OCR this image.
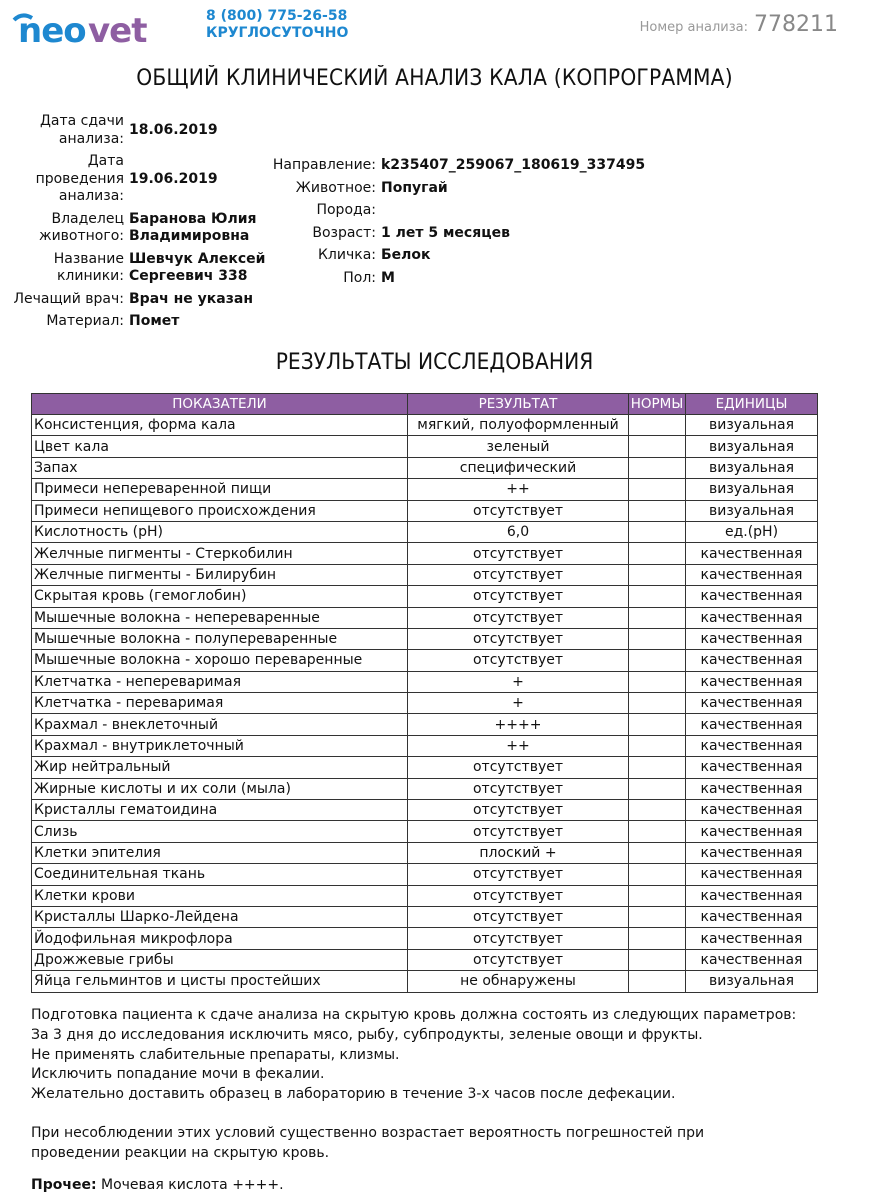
neo vet	8 (800) 775-26-58
КРУГЛОСУТОЧНО	Номер анализа: 778211
ОБЩИЙ КЛИНИЧЕСКИЙ АНАЛИЗ КАЛА (КОПРОГРАММА)
Дата сдачи анализа:
18.06.2019
Дата проведения анализа:
19.06.2019
Владелец животного:
Баранова Юлия Владимировна
Название клиники:
Шевчук Алексей Сергеевич 338
Лечащий врач: Врач не указан
Материал: Помет
Направление: k235407_259067_180619_337495
Животное: Попугай
Порода:
Возраст: 1 лет 5 месяцев
Кличка: Белок
Пол: М
РЕЗУЛЬТАТЫ ИССЛЕДОВАНИЯ
ПОКАЗАТЕЛИ	РЕЗУЛЬТАТ	НОРМЫ	ЕДИНИЦЫ
Консистенция, форма кала	мягкий, полуоформленный		визуальная
Цвет кала	зеленый		визуальная
Запах	специфический		визуальная
Примеси непереваренной пищи	++		визуальная
Примеси непищевого происхождения	отсутствует		визуальная
Кислотность (рН)	6,0		ед.(рН)
Желчные пигменты - Стеркобилин	отсутствует		качественная
Желчные пигменты - Билирубин	отсутствует		качественная
Скрытая кровь (гемоглобин)	отсутствует		качественная
Мышечные волокна - непереваренные	отсутствует		качественная
Мышечные волокна - полупереваренные	отсутствует		качественная
Мышечные волокна - хорошо переваренные	отсутствует		качественная
Клетчатка - непереваримая	+		качественная
Клетчатка - переваримая	+		качественная
Крахмал - внеклеточный	++++		качественная
Крахмал - внутриклеточный	++		качественная
Жир нейтральный	отсутствует		качественная
Жирные кислоты и их соли (мыла)	отсутствует		качественная
Кристаллы гематоидина	отсутствует		качественная
Слизь	отсутствует		качественная
Клетки эпителия	плоский +		качественная
Соединительная ткань	отсутствует		качественная
Клетки крови	отсутствует		качественная
Кристаллы Шарко-Лейдена	отсутствует		качественная
Йодофильная микрофлора	отсутствует		качественная
Дрожжевые грибы	отсутствует		качественная
Яйца гельминтов и цисты простейших	не обнаружены		визуальная

Подготовка пациента к сдаче анализа на скрытую кровь должна состоять из следующих параметров:

За 3 дня до исследования исключить мясо, рыбу, субпродукты, зеленые овощи и фрукты.

Не применять слабительные препараты, клизмы.

Исключить попадание мочи в фекалии.

Желательно доставить образец в лабораторию в течение 3-х часов после дефекации.

При несоблюдении этих условий существенно возрастает вероятность погрешностей при проведении реакции на скрытую кровь.

Прочее: Мочевая кислота ++++.
